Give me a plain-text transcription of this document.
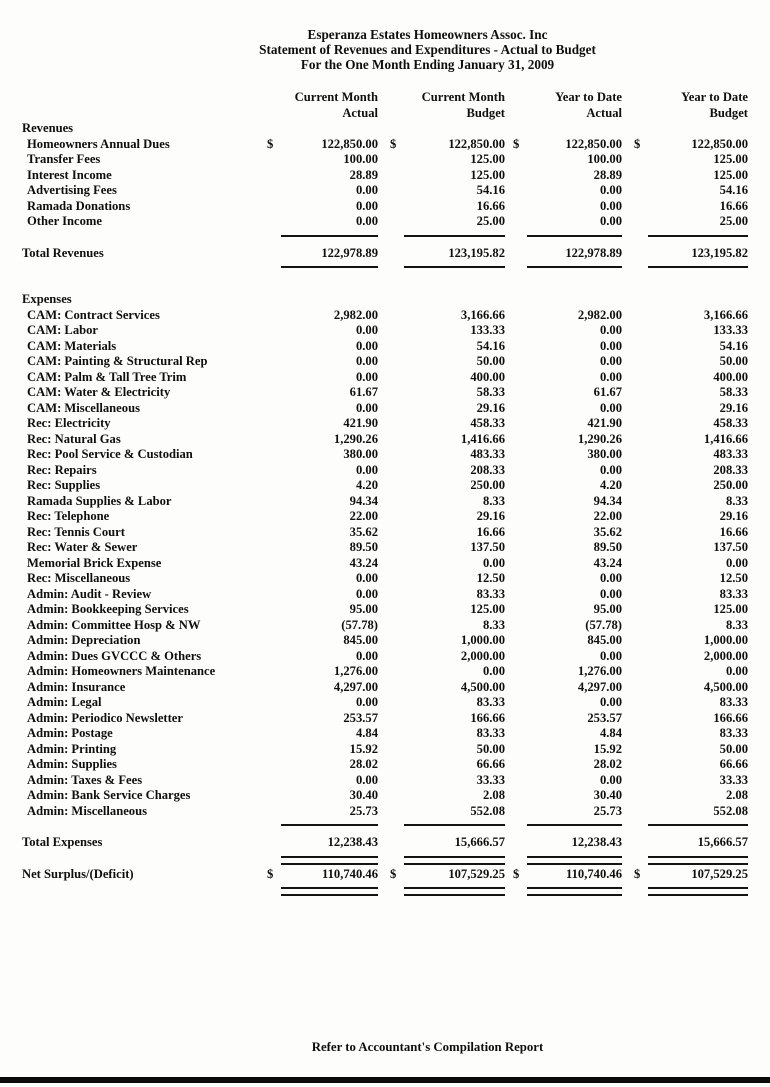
Esperanza Estates Homeowners Assoc. Inc
Statement of Revenues and Expenditures - Actual to Budget
For the One Month Ending January 31, 2009
Current Month
Actual
Current Month
Budget
Year to Date
Actual
Year to Date
Budget
Revenues
Homeowners Annual Dues	$	122,850.00 $	122,850.00 $	122,850.00 $	122,850.00
Transfer Fees	100.00	125.00	100.00	125.00
Interest Income	28.89	125.00	28.89	125.00
Advertising Fees	0.00	54.16	0.00	54.16
Ramada Donations	0.00	16.66	0.00	16.66
Other Income	0.00	25.00	0.00	25.00
Total Revenues	122,978.89	123,195.82	122,978.89	123,195.82
Expenses
CAM: Contract Services	2,982.00	3,166.66	2,982.00	3,166.66
CAM: Labor	0.00	133.33	0.00	133.33
CAM: Materials	0.00	54.16	0.00	54.16
CAM: Painting & Structural Rep	0.00	50.00	0.00	50.00
CAM: Palm & Tall Tree Trim	0.00	400.00	0.00	400.00
CAM: Water & Electricity	61.67	58.33	61.67	58.33
CAM: Miscellaneous	0.00	29.16	0.00	29.16
Rec: Electricity	421.90	458.33	421.90	458.33
Rec: Natural Gas	1,290.26	1,416.66	1,290.26	1,416.66
Rec: Pool Service & Custodian	380.00	483.33	380.00	483.33
Rec: Repairs	0.00	208.33	0.00	208.33
Rec: Supplies	4.20	250.00	4.20	250.00
Ramada Supplies & Labor	94.34	8.33	94.34	8.33
Rec: Telephone	22.00	29.16	22.00	29.16
Rec: Tennis Court	35.62	16.66	35.62	16.66
Rec: Water & Sewer	89.50	137.50	89.50	137.50
Memorial Brick Expense	43.24	0.00	43.24	0.00
Rec: Miscellaneous	0.00	12.50	0.00	12.50
Admin: Audit - Review	0.00	83.33	0.00	83.33
Admin: Bookkeeping Services	95.00	125.00	95.00	125.00
Admin: Committee Hosp & NW	(57.78)	8.33	(57.78)	8.33
Admin: Depreciation	845.00	1,000.00	845.00	1,000.00
Admin: Dues GVCCC & Others	0.00	2,000.00	0.00	2,000.00
Admin: Homeowners Maintenance	1,276.00	0.00	1,276.00	0.00
Admin: Insurance	4,297.00	4,500.00	4,297.00	4,500.00
Admin: Legal	0.00	83.33	0.00	83.33
Admin: Periodico Newsletter	253.57	166.66	253.57	166.66
Admin: Postage	4.84	83.33	4.84	83.33
Admin: Printing	15.92	50.00	15.92	50.00
Admin: Supplies	28.02	66.66	28.02	66.66
Admin: Taxes & Fees	0.00	33.33	0.00	33.33
Admin: Bank Service Charges	30.40	2.08	30.40	2.08
Admin: Miscellaneous	25.73	552.08	25.73	552.08
Total Expenses	12,238.43	15,666.57	12,238.43	15,666.57
Net Surplus/(Deficit)	$	110,740.46 $	107,529.25 $	110,740.46 $	107,529.25
Refer to Accountant's Compilation Report
